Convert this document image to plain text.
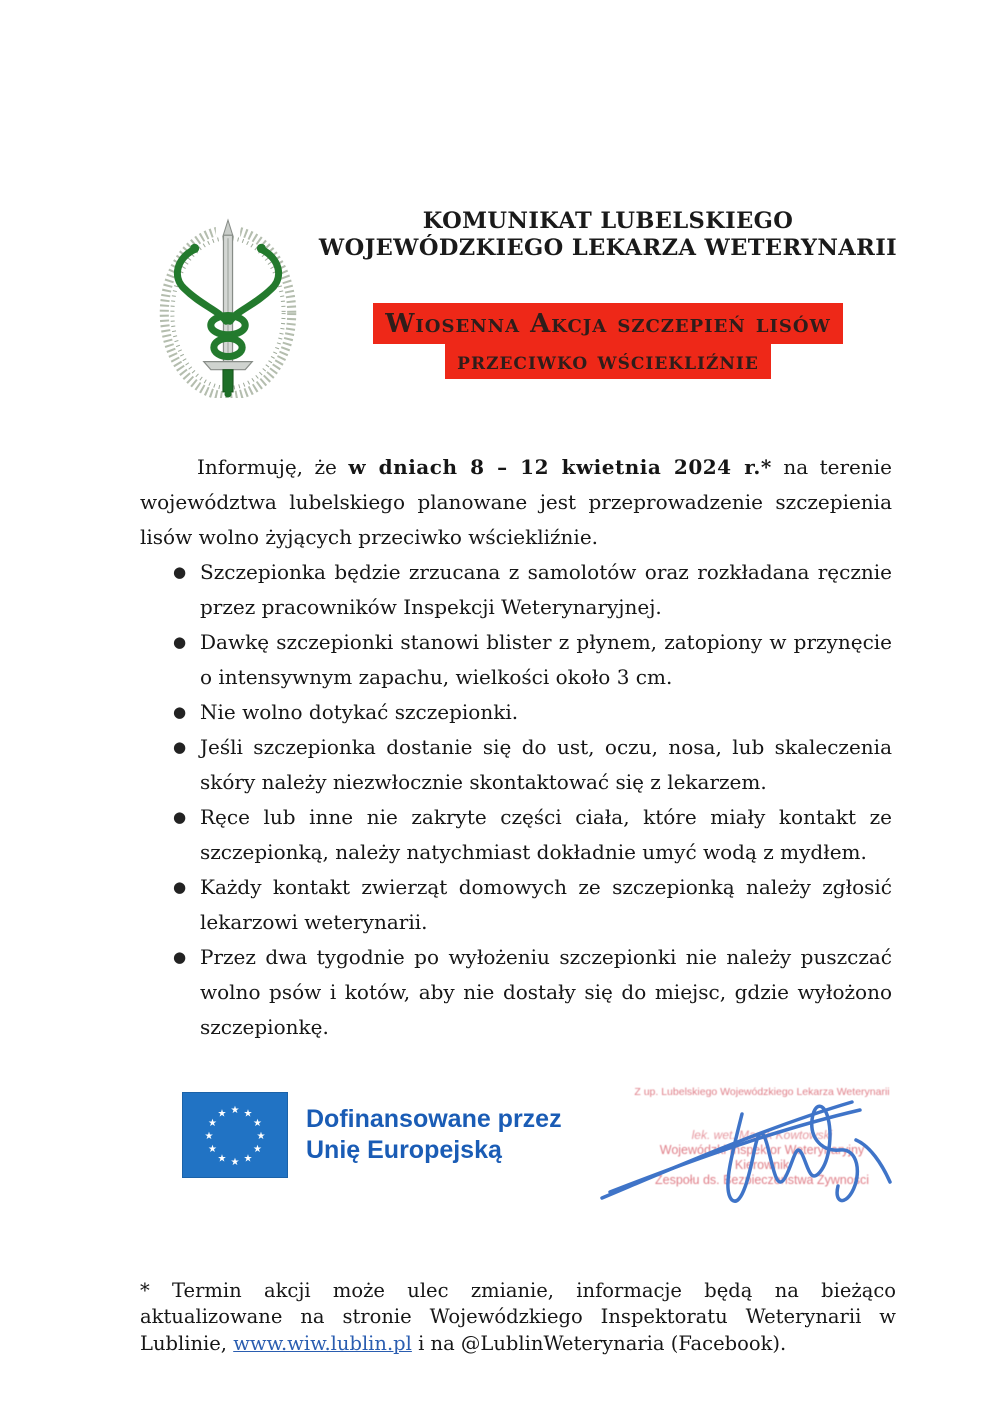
KOMUNIKAT LUBELSKIEGO
WOJEWÓDZKIEGO LEKARZA WETERYNARII
Wiosenna Akcja szczepień lisów
przeciwko wściekliźnie

Informuję, że w dniach 8 – 12 kwietnia 2024 r.* na terenie województwa lubelskiego planowane jest przeprowadzenie szczepienia lisów wolno żyjących przeciwko wściekliźnie.

● Szczepionka będzie zrzucana z samolotów oraz rozkładana ręcznie przez pracowników Inspekcji Weterynaryjnej.
● Dawkę szczepionki stanowi blister z płynem, zatopiony w przynęcie o intensywnym zapachu, wielkości około 3 cm.
● Nie wolno dotykać szczepionki.
● Jeśli szczepionka dostanie się do ust, oczu, nosa, lub skaleczenia skóry należy niezwłocznie skontaktować się z lekarzem.
● Ręce lub inne nie zakryte części ciała, które miały kontakt ze szczepionką, należy natychmiast dokładnie umyć wodą z mydłem.
● Każdy kontakt zwierząt domowych ze szczepionką należy zgłosić lekarzowi weterynarii.
● Przez dwa tygodnie po wyłożeniu szczepionki nie należy puszczać wolno psów i kotów, aby nie dostały się do miejsc, gdzie wyłożono szczepionkę.
★ ★
★
★
★
★
★
★
★
★
★
★	Dofinansowane przez
Unię Europejską
Z up. Lubelskiego Wojewódzkiego Lekarza Weterynarii
lek. wet. Marek Kowtowski
Wojewódzki Inspektor Weterynaryjny
Kierownik
Zespołu ds. Bezpieczeństwa Żywności

* Termin akcji może ulec zmianie, informacje będą na bieżąco aktualizowane na stronie Wojewódzkiego Inspektoratu Weterynarii w Lublinie, www.wiw.lublin.pl i na @LublinWeterynaria (Facebook).
